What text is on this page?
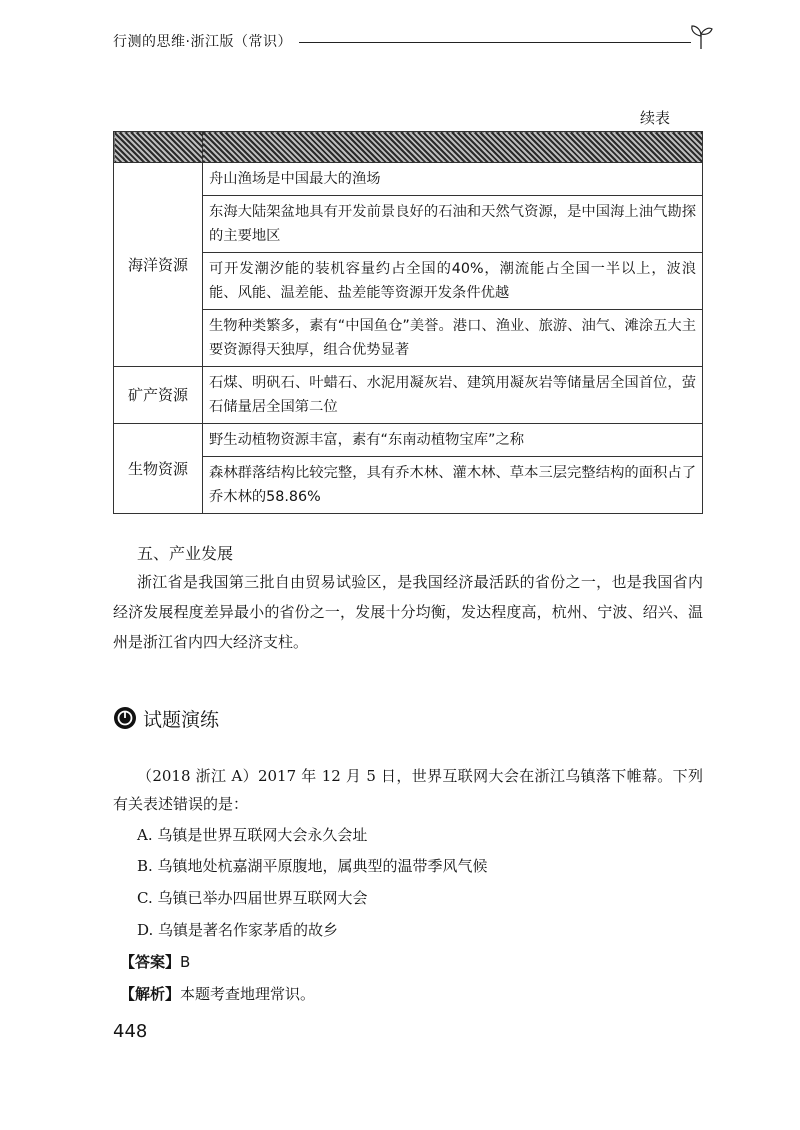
行测的思维·浙江版（常识）
续表

海洋资源	舟山渔场是中国最大的渔场
	东海大陆架盆地具有开发前景良好的石油和天然气资源，是中国海上油气勘探的主要地区
	可开发潮汐能的装机容量约占全国的40%，潮流能占全国一半以上，波浪能、风能、温差能、盐差能等资源开发条件优越
	生物种类繁多，素有“中国鱼仓”美誉。港口、渔业、旅游、油气、滩涂五大主要资源得天独厚，组合优势显著
矿产资源	石煤、明矾石、叶蜡石、水泥用凝灰岩、建筑用凝灰岩等储量居全国首位，萤石储量居全国第二位
生物资源	野生动植物资源丰富，素有“东南动植物宝库”之称
	森林群落结构比较完整，具有乔木林、灌木林、草本三层完整结构的面积占了乔木林的58.86%
五、产业发展

浙江省是我国第三批自由贸易试验区，是我国经济最活跃的省份之一，也是我国省内经济发展程度差异最小的省份之一，发展十分均衡，发达程度高，杭州、宁波、绍兴、温州是浙江省内四大经济支柱。

试题演练

（2018 浙江 A）2017 年 12 月 5 日，世界互联网大会在浙江乌镇落下帷幕。下列有关表述错误的是：

A. 乌镇是世界互联网大会永久会址
B. 乌镇地处杭嘉湖平原腹地，属典型的温带季风气候
C. 乌镇已举办四届世界互联网大会
D. 乌镇是著名作家茅盾的故乡
【答案】B
【解析】本题考查地理常识。
448
